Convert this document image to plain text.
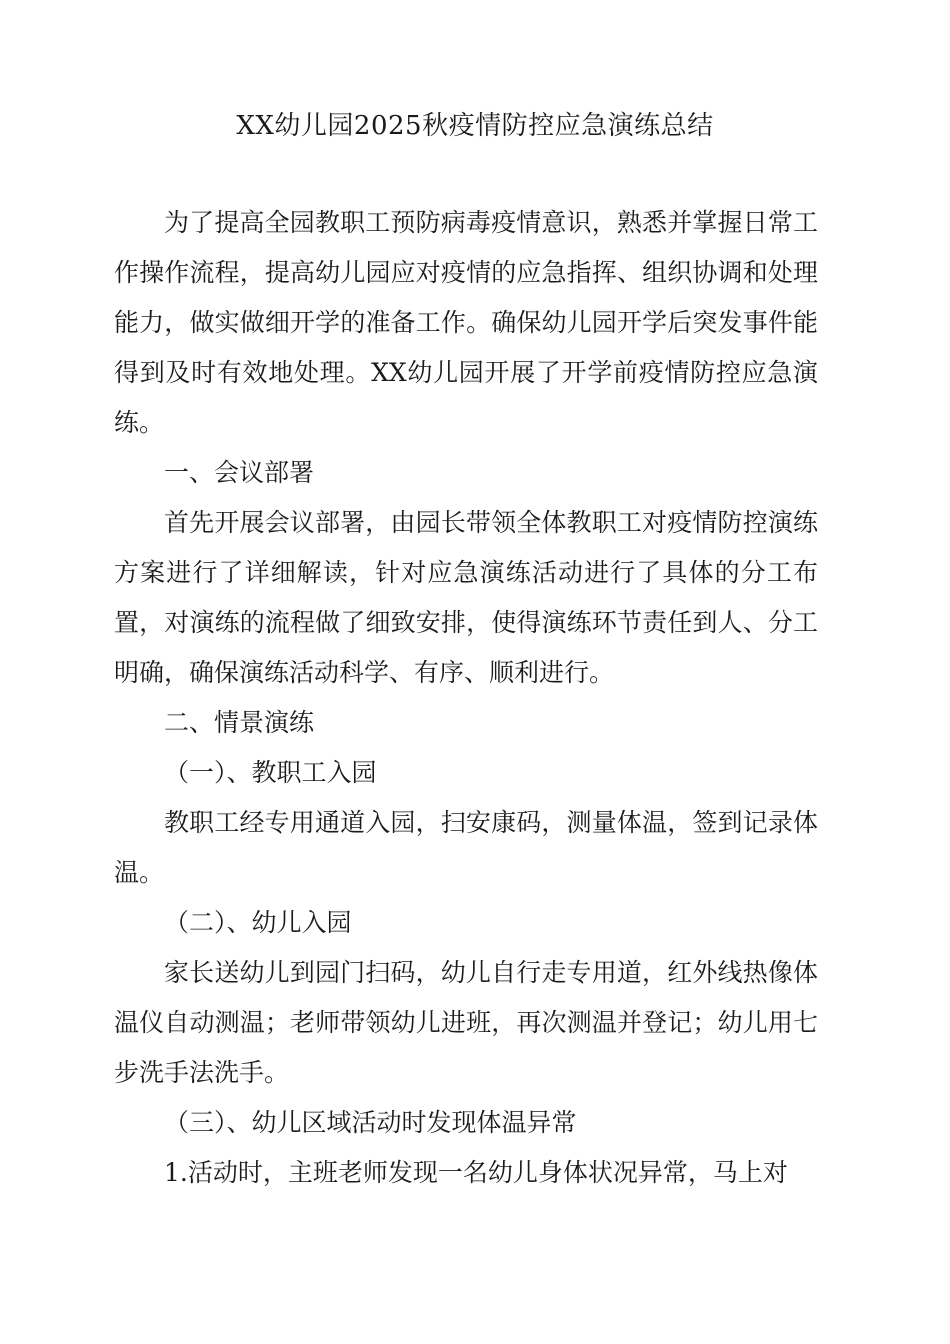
XX幼儿园2025秋疫情防控应急演练总结

为了提高全园教职工预防病毒疫情意识，熟悉并掌握日常工作操作流程，提高幼儿园应对疫情的应急指挥、组织协调和处理能力，做实做细开学的准备工作。确保幼儿园开学后突发事件能得到及时有效地处理。XX幼儿园开展了开学前疫情防控应急演练。

一、会议部署

首先开展会议部署，由园长带领全体教职工对疫情防控演练方案进行了详细解读，针对应急演练活动进行了具体的分工布置，对演练的流程做了细致安排，使得演练环节责任到人、分工明确，确保演练活动科学、有序、顺利进行。

二、情景演练

（一）、教职工入园

教职工经专用通道入园，扫安康码，测量体温，签到记录体温。

（二）、幼儿入园

家长送幼儿到园门扫码，幼儿自行走专用道，红外线热像体温仪自动测温；老师带领幼儿进班，再次测温并登记；幼儿用七步洗手法洗手。

（三）、幼儿区域活动时发现体温异常

1.活动时，主班老师发现一名幼儿身体状况异常，马上对
